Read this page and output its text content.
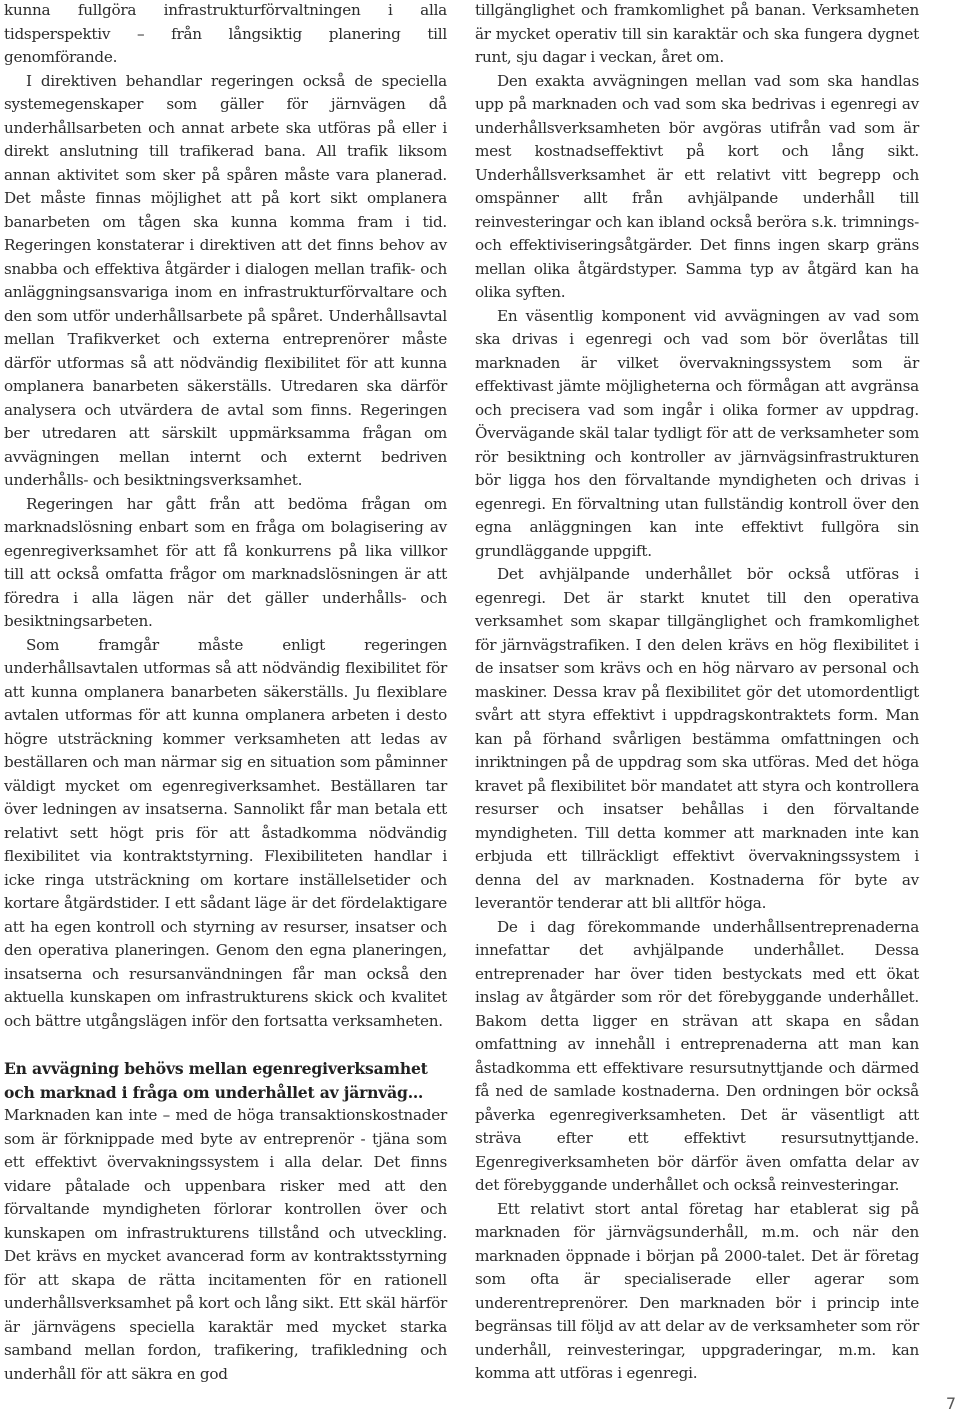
kunna fullgöra infrastrukturförvaltningen i alla tidsperspektiv – från långsiktig planering till genomförande.

I direktiven behandlar regeringen också de speciella systemegenskaper som gäller för järnvägen då underhållsarbeten och annat arbete ska utföras på eller i direkt anslutning till trafikerad bana. All trafik liksom annan aktivitet som sker på spåren måste vara planerad. Det måste finnas möjlighet att på kort sikt omplanera banarbeten om tågen ska kunna komma fram i tid. Regeringen konstaterar i direktiven att det finns behov av snabba och effektiva åtgärder i dialogen mellan trafik- och anläggningsansvariga inom en infrastrukturförvaltare och den som utför underhållsarbete på spåret. Underhållsavtal mellan Trafikverket och externa entreprenörer måste därför utformas så att nödvändig flexibilitet för att kunna omplanera banarbeten säkerställs. Utredaren ska därför analysera och utvärdera de avtal som finns. Regeringen ber utredaren att särskilt uppmärksamma frågan om avvägningen mellan internt och externt bedriven underhålls- och besiktningsverksamhet.

Regeringen har gått från att bedöma frågan om marknadslösning enbart som en fråga om bolagisering av egenregiverksamhet för att få konkurrens på lika villkor till att också omfatta frågor om marknadslösningen är att föredra i alla lägen när det gäller underhålls- och besiktningsarbeten.

Som framgår måste enligt regeringen underhållsavtalen utformas så att nödvändig flexibilitet för att kunna omplanera banarbeten säkerställs. Ju flexiblare avtalen utformas för att kunna omplanera arbeten i desto högre utsträckning kommer verksamheten att ledas av beställaren och man närmar sig en situation som påminner väldigt mycket om egenregiverksamhet. Beställaren tar över ledningen av insatserna. Sannolikt får man betala ett relativt sett högt pris för att åstadkomma nödvändig flexibilitet via kontraktstyrning. Flexibiliteten handlar i icke ringa utsträckning om kortare inställelsetider och kortare åtgärdstider. I ett sådant läge är det fördelaktigare att ha egen kontroll och styrning av resurser, insatser och den operativa planeringen. Genom den egna planeringen, insatserna och resursanvändningen får man också den aktuella kunskapen om infrastrukturens skick och kvalitet och bättre utgångslägen inför den fortsatta verksamheten.

En avvägning behövs mellan egenregiverksamhet och marknad i fråga om underhållet av järnväg…

Marknaden kan inte – med de höga transaktionskostnader som är förknippade med byte av entreprenör - tjäna som ett effektivt övervakningssystem i alla delar. Det finns vidare påtalade och uppenbara risker med att den förvaltande myndigheten förlorar kontrollen över och kunskapen om infrastrukturens tillstånd och utveckling. Det krävs en mycket avancerad form av kontraktsstyrning för att skapa de rätta incitamenten för en rationell underhållsverksamhet på kort och lång sikt. Ett skäl härför är järnvägens speciella karaktär med mycket starka samband mellan fordon, trafikering, trafikledning och underhåll för att säkra en god

tillgänglighet och framkomlighet på banan. Verksamheten är mycket operativ till sin karaktär och ska fungera dygnet runt, sju dagar i veckan, året om.

Den exakta avvägningen mellan vad som ska handlas upp på marknaden och vad som ska bedrivas i egenregi av underhållsverksamheten bör avgöras utifrån vad som är mest kostnadseffektivt på kort och lång sikt. Underhållsverksamhet är ett relativt vitt begrepp och omspänner allt från avhjälpande underhåll till reinvesteringar och kan ibland också beröra s.k. trimnings- och effektiviseringsåtgärder. Det finns ingen skarp gräns mellan olika åtgärdstyper. Samma typ av åtgärd kan ha olika syften.

En väsentlig komponent vid avvägningen av vad som ska drivas i egenregi och vad som bör överlåtas till marknaden är vilket övervakningssystem som är effektivast jämte möjligheterna och förmågan att avgränsa och precisera vad som ingår i olika former av uppdrag. Övervägande skäl talar tydligt för att de verksamheter som rör besiktning och kontroller av järnvägsinfrastrukturen bör ligga hos den förvaltande myndigheten och drivas i egenregi. En förvaltning utan fullständig kontroll över den egna anläggningen kan inte effektivt fullgöra sin grundläggande uppgift.

Det avhjälpande underhållet bör också utföras i egenregi. Det är starkt knutet till den operativa verksamhet som skapar tillgänglighet och framkomlighet för järnvägstrafiken. I den delen krävs en hög flexibilitet i de insatser som krävs och en hög närvaro av personal och maskiner. Dessa krav på flexibilitet gör det utomordentligt svårt att styra effektivt i uppdragskontraktets form. Man kan på förhand svårligen bestämma omfattningen och inriktningen på de uppdrag som ska utföras. Med det höga kravet på flexibilitet bör mandatet att styra och kontrollera resurser och insatser behållas i den förvaltande myndigheten. Till detta kommer att marknaden inte kan erbjuda ett tillräckligt effektivt övervakningssystem i denna del av marknaden. Kostnaderna för byte av leverantör tenderar att bli alltför höga.

De i dag förekommande underhållsentreprenaderna innefattar det avhjälpande underhållet. Dessa entreprenader har över tiden bestyckats med ett ökat inslag av åtgärder som rör det förebyggande underhållet. Bakom detta ligger en strävan att skapa en sådan omfattning av innehåll i entreprenaderna att man kan åstadkomma ett effektivare resursutnyttjande och därmed få ned de samlade kostnaderna. Den ordningen bör också påverka egenregiverksamheten. Det är väsentligt att sträva efter ett effektivt resursutnyttjande. Egenregiverksamheten bör därför även omfatta delar av det förebyggande underhållet och också reinvesteringar.

Ett relativt stort antal företag har etablerat sig på marknaden för järnvägsunderhåll, m.m. och när den marknaden öppnade i början på 2000-talet. Det är företag som ofta är specialiserade eller agerar som underentreprenörer. Den marknaden bör i princip inte begränsas till följd av att delar av de verksamheter som rör underhåll, reinvesteringar, uppgraderingar, m.m. kan komma att utföras i egenregi.

7
